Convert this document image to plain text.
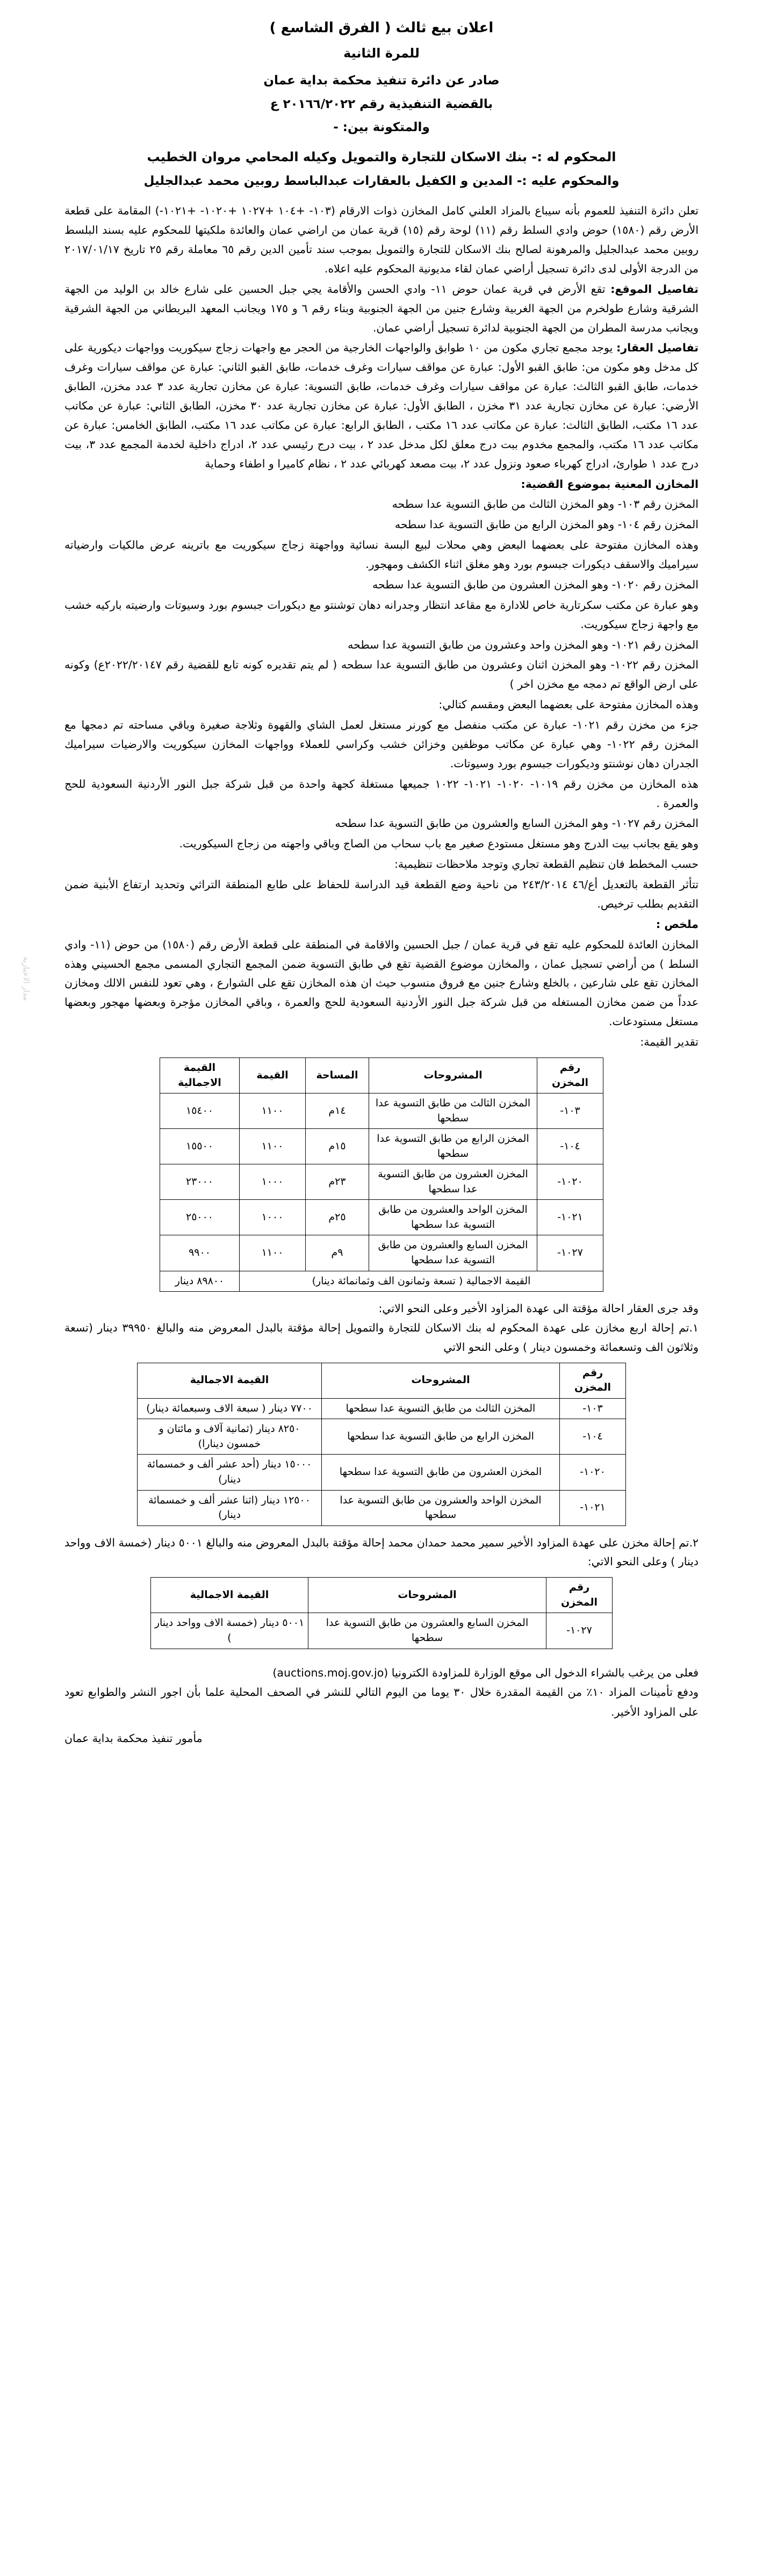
مدار الاخبارية
اعلان بيع ثالث ( الفرق الشاسع )
للمرة الثانية
صادر عن دائرة تنفيذ محكمة بداية عمان
بالقضية التنفيذية رقم ٢٠١٦٦/٢٠٢٢ ع
والمتكونة بين: -
المحكوم له :- بنك الاسكان للتجارة والتمويل وكيله المحامي مروان الخطيب
والمحكوم عليه :- المدين و الكفيل بالعقارات عبدالباسط روبين محمد عبدالجليل

تعلن دائرة التنفيذ للعموم بأنه سيباع بالمزاد العلني كامل المخازن ذوات الارقام (١٠٣- +١٠٤ +١٠٢٧ +١٠٢٠- +١٠٢١-) المقامة على قطعة الأرض رقم (١٥٨٠) حوض وادي السلط رقم (١١) لوحة رقم (١٥) قرية عمان من اراضي عمان والعائدة ملكيتها للمحكوم عليه بسند البلسط روبين محمد عبدالجليل والمرهونة لصالح بنك الاسكان للتجارة والتمويل بموجب سند تأمين الدين رقم ٦٥ معاملة رقم ٢٥ تاريخ ٢٠١٧/٠١/١٧ من الدرجة الأولى لدى دائرة تسجيل أراضي عمان لقاء مديونية المحكوم عليه اعلاه.

تفاصيل الموقع: تقع الأرض في قرية عمان حوض ١١- وادي الحسن والأقامة يجي جبل الحسين على شارع خالد بن الوليد من الجهة الشرقية وشارع طولخرم من الجهة الغربية وشارع جنين من الجهة الجنوبية وبناء رقم ٦ و ١٧٥ ويجانب المعهد البريطاني من الجهة الشرقية ويجانب مدرسة المطران من الجهة الجنوبية لدائرة تسجيل أراضي عمان.

تفاصيل العقار: يوجد مجمع تجاري مكون من ١٠ طوابق والواجهات الخارجية من الحجر مع واجهات زجاج سيكوريت وواجهات ديكورية على كل مدخل وهو مكون من: طابق القبو الأول: عبارة عن مواقف سيارات وغرف خدمات، طابق القبو الثاني: عبارة عن مواقف سيارات وغرف خدمات، طابق القبو الثالث: عبارة عن مواقف سيارات وغرف خدمات، طابق التسوية: عبارة عن مخازن تجارية عدد ٣ عدد مخزن، الطابق الأرضي: عبارة عن مخازن تجارية عدد ٣١ مخزن ، الطابق الأول: عبارة عن مخازن تجارية عدد ٣٠ مخزن، الطابق الثاني: عبارة عن مكاتب عدد ١٦ مكتب، الطابق الثالث: عبارة عن مكاتب عدد ١٦ مكتب ، الطابق الرابع: عبارة عن مكاتب عدد ١٦ مكتب، الطابق الخامس: عبارة عن مكاتب عدد ١٦ مكتب، والمجمع مخدوم ببت درج معلق لكل مدخل عدد ٢ ، بيت درج رئيسي عدد ٢، ادراج داخلية لخدمة المجمع عدد ٣، بيت درج عدد ١ طوارئ، ادراج كهرباء صعود ونزول عدد ٢، بيت مصعد كهربائي عدد ٢ ، نظام كاميرا و اطفاء وحماية

المخازن المعنية بموضوع القضية:

المخزن رقم ١٠٣- وهو المخزن الثالث من طابق التسوية عدا سطحه

المخزن رقم ١٠٤- وهو المخزن الرابع من طابق التسوية عدا سطحه

وهذه المخازن مفتوحة على بعضهما البعض وهي محلات لبيع البسة نسائية وواجهتة زجاج سيكوريت مع باترينه عرض مالكيات وارضياته سيراميك والاسقف ديكورات جبسوم بورد وهو مغلق اثناء الكشف ومهجور.

المخزن رقم ١٠٢٠- وهو المخزن العشرون من طابق التسوية عدا سطحه

وهو عبارة عن مكتب سكرتارية خاص للادارة مع مقاعد انتظار وجدرانه دهان توشنتو مع ديكورات جبسوم بورد وسيوتات وارضيته باركيه خشب مع واجهة زجاج سيكوريت.

المخزن رقم ١٠٢١- وهو المخزن واحد وعشرون من طابق التسوية عدا سطحه

المخزن رقم ١٠٢٢- وهو المخزن اثنان وعشرون من طابق التسوية عدا سطحه ( لم يتم تقديره كونه تابع للقضية رقم ٢٠٢٢/٢٠١٤٧ع) وكونه على ارض الواقع تم دمجه مع مخزن اخر )

وهذه المخازن مفتوحة على بعضهما البعض ومقسم كتالي:

جزء من مخزن رقم ١٠٢١- عبارة عن مكتب منفصل مع كورنر مستغل لعمل الشاي والقهوة وثلاجة صغيرة وباقي مساحته تم دمجها مع المخزن رقم ١٠٢٢- وهي عبارة عن مكاتب موظفين وخزائن خشب وكراسي للعملاء وواجهات المخازن سيكوريت والارضيات سيراميك الجدران دهان نوشنتو وديكورات جبسوم بورد وسيوتات.

هذه المخازن من مخزن رقم ١٠١٩- ١٠٢٠- ١٠٢١- ١٠٢٢ جميعها مستغلة كجهة واحدة من قبل شركة جبل النور الأردنية السعودية للحج والعمرة .

المخزن رقم ١٠٢٧- وهو المخزن السابع والعشرون من طابق التسوية عدا سطحه

وهو يقع بجانب بيت الدرج وهو مستغل مستودع صغير مع باب سحاب من الصاج وباقي واجهته من زجاج السيكوريت.

حسب المخطط فان تنظيم القطعة تجاري وتوجد ملاحظات تنظيمية:

تتأثر القطعة بالتعديل أع/٤٦ ٢٤٣/٢٠١٤ من ناحية وضع القطعة قيد الدراسة للحفاظ على طابع المنطقة التراثي وتحديد ارتفاع الأبنية ضمن التقديم بطلب ترخيص.

ملخص :

المخازن العائدة للمحكوم عليه تقع في قرية عمان / جبل الحسين والاقامة في المنطقة على قطعة الأرض رقم (١٥٨٠) من حوض (١١- وادي السلط ) من أراضي تسجيل عمان ، والمخازن موضوع القضية تقع في طابق التسوية ضمن المجمع التجاري المسمى مجمع الحسيني وهذه المخازن تقع على شارعين ، بالخلع وشارع جنين مع فروق منسوب حيث ان هذه المخازن تقع على الشوارع ، وهي تعود للنفس الالك ومخازن عدداً من ضمن مخازن المستغله من قبل شركة جبل النور الأردنية السعودية للحج والعمرة ، وباقي المخازن مؤجرة وبعضها مهجور وبعضها مستغل مستودعات.

تقدير القيمة:

رقم المخزن	المشروحات	المساحة	القيمة	القيمة الاجمالية
١٠٣-	المخزن الثالث من طابق التسوية عدا سطحها	١٤م	١١٠٠	١٥٤٠٠
١٠٤-	المخزن الرابع من طابق التسوية عدا سطحها	١٥م	١١٠٠	١٥٥٠٠
١٠٢٠-	المخزن العشرون من طابق التسوية عدا سطحها	٢٣م	١٠٠٠	٢٣٠٠٠
١٠٢١-	المخزن الواحد والعشرون من طابق التسوية عدا سطحها	٢٥م	١٠٠٠	٢٥٠٠٠
١٠٢٧-	المخزن السابع والعشرون من طابق التسوية عدا سطحها	٩م	١١٠٠	٩٩٠٠
القيمة الاجمالية ( تسعة وثمانون الف وثمانمائة دينار)				٨٩٨٠٠ دينار
وقد جرى العقار احالة مؤقتة الى عهدة المزاود الأخير وعلى النحو الاتي:
١.تم إحالة اربع مخازن على عهدة المحكوم له بنك الاسكان للتجارة والتمويل إحالة مؤقتة بالبدل المعروض منه والبالغ ٣٩٩٥٠ دينار (تسعة وثلاثون الف وتسعمائة وخمسون دينار ) وعلى النحو الاتي
رقم المخزن	المشروحات	القيمة الاجمالية
١٠٣-	المخزن الثالث من طابق التسوية عدا سطحها	٧٧٠٠ دينار ( سبعة الاف وسبعمائة دينار)
١٠٤-	المخزن الرابع من طابق التسوية عدا سطحها	٨٢٥٠ دينار (ثمانية آلاف و مائتان و خمسون دينارا)
١٠٢٠-	المخزن العشرون من طابق التسوية عدا سطحها	١٥٠٠٠ دينار (أحد عشر ألف و خمسمائة دينار)
١٠٢١-	المخزن الواحد والعشرون من طابق التسوية عدا سطحها	١٢٥٠٠ دينار (اثنا عشر ألف و خمسمائة دينار)
٢.تم إحالة مخزن على عهدة المزاود الأخير سمير محمد حمدان محمد إحالة مؤقتة بالبدل المعروض منه والبالغ ٥٠٠١ دينار (خمسة الاف وواحد دينار ) وعلى النحو الاتي:
رقم المخزن	المشروحات	القيمة الاجمالية
١٠٢٧-	المخزن السابع والعشرون من طابق التسوية عدا سطحها	٥٠٠١ دينار (خمسة الاف وواحد دينار )
فعلى من يرغب بالشراء الدخول الى موقع الوزارة للمزاودة الكترونيا (auctions.moj.gov.jo)
ودفع تأمينات المزاد ١٠٪ من القيمة المقدرة خلال ٣٠ يوما من اليوم التالي للنشر في الصحف المحلية علما بأن اجور النشر والطوابع تعود على المزاود الأخير.
مأمور تنفيذ محكمة بداية عمان
